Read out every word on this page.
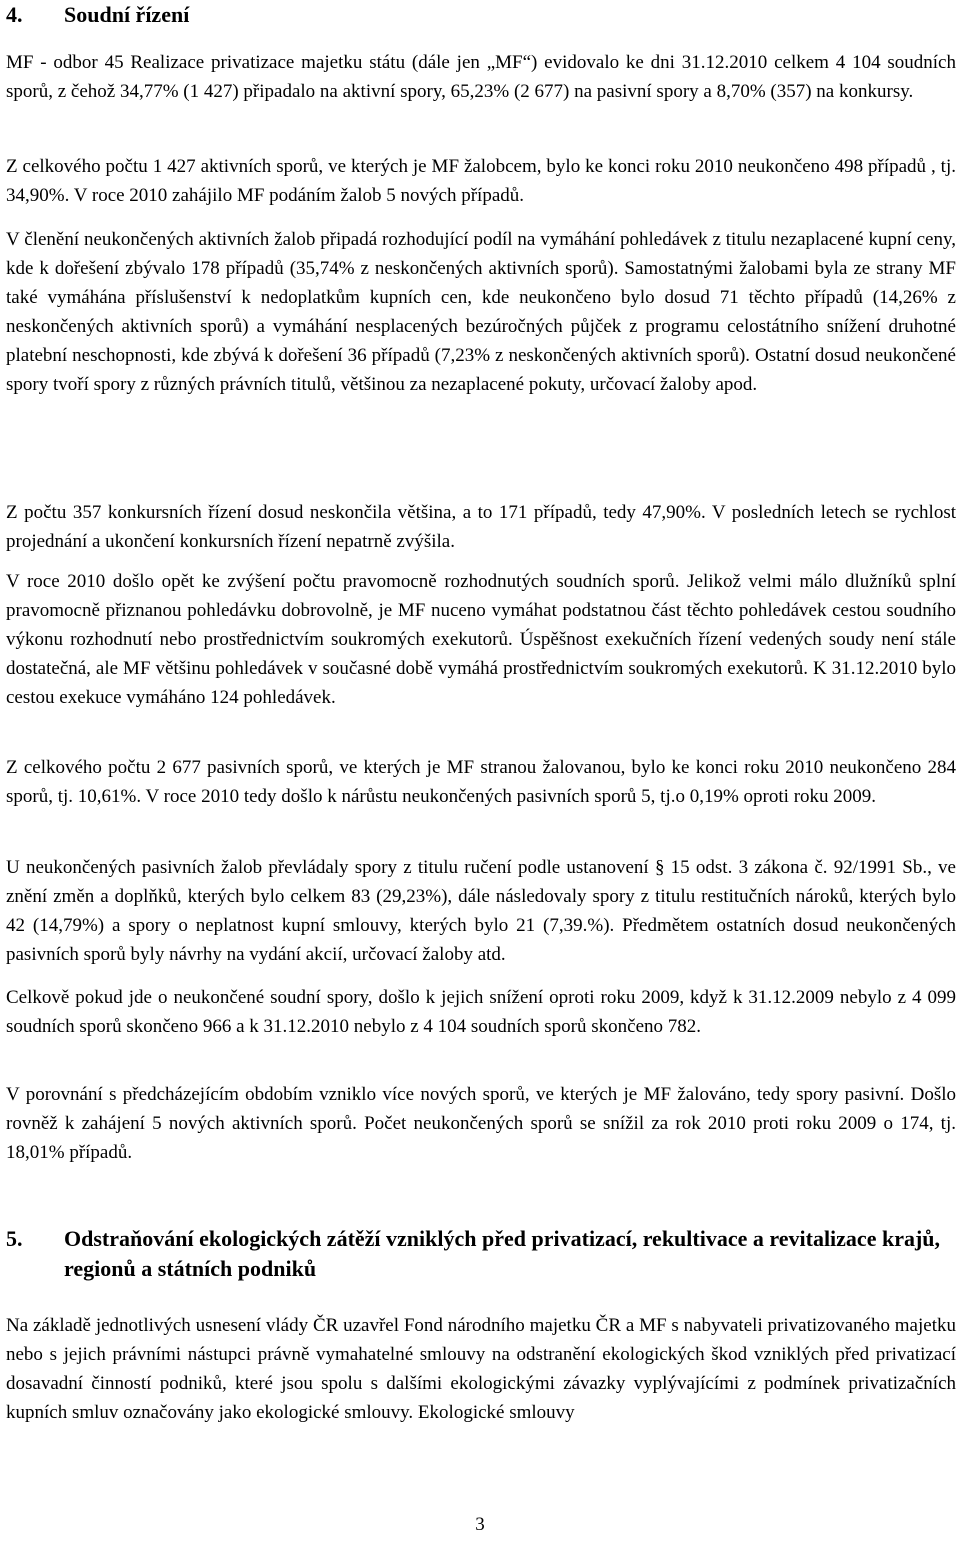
4.	Soudní řízení

MF - odbor 45 Realizace privatizace majetku státu (dále jen „MF“) evidovalo ke dni 31.12.2010 celkem 4 104 soudních sporů, z čehož 34,77% (1 427) připadalo na aktivní spory, 65,23% (2 677) na pasivní spory a 8,70% (357) na konkursy.

Z celkového počtu 1 427 aktivních sporů, ve kterých je MF žalobcem, bylo ke konci roku 2010 neukončeno 498 případů , tj. 34,90%. V roce 2010 zahájilo MF podáním žalob 5 nových případů.

V členění neukončených aktivních žalob připadá rozhodující podíl na vymáhání pohledávek z titulu nezaplacené kupní ceny, kde k dořešení zbývalo 178 případů (35,74% z neskončených aktivních sporů). Samostatnými žalobami byla ze strany MF také vymáhána příslušenství k nedoplatkům kupních cen, kde neukončeno bylo dosud 71 těchto případů (14,26% z neskončených aktivních sporů) a vymáhání nesplacených bezúročných půjček z programu celostátního snížení druhotné platební neschopnosti, kde zbývá k dořešení 36 případů (7,23% z neskončených aktivních sporů). Ostatní dosud neukončené spory tvoří spory z různých právních titulů, většinou za nezaplacené pokuty, určovací žaloby apod.

Z počtu 357 konkursních řízení dosud neskončila většina, a to 171 případů, tedy 47,90%. V posledních letech se rychlost projednání a ukončení konkursních řízení nepatrně zvýšila.

V roce 2010 došlo opět ke zvýšení počtu pravomocně rozhodnutých soudních sporů. Jelikož velmi málo dlužníků splní pravomocně přiznanou pohledávku dobrovolně, je MF nuceno vymáhat podstatnou část těchto pohledávek cestou soudního výkonu rozhodnutí nebo prostřednictvím soukromých exekutorů. Úspěšnost exekučních řízení vedených soudy není stále dostatečná, ale MF většinu pohledávek v současné době vymáhá prostřednictvím soukromých exekutorů. K 31.12.2010 bylo cestou exekuce vymáháno 124 pohledávek.

Z celkového počtu 2 677 pasivních sporů, ve kterých je MF stranou žalovanou, bylo ke konci roku 2010 neukončeno 284 sporů, tj. 10,61%. V roce 2010 tedy došlo k nárůstu neukončených pasivních sporů 5, tj.o 0,19% oproti roku 2009.

U neukončených pasivních žalob převládaly spory z titulu ručení podle ustanovení § 15 odst. 3 zákona č. 92/1991 Sb., ve znění změn a doplňků, kterých bylo celkem 83 (29,23%), dále následovaly spory z titulu restitučních nároků, kterých bylo 42 (14,79%) a spory o neplatnost kupní smlouvy, kterých bylo 21 (7,39.%). Předmětem ostatních dosud neukončených pasivních sporů byly návrhy na vydání akcií, určovací žaloby atd.

Celkově pokud jde o neukončené soudní spory, došlo k jejich snížení oproti roku 2009, když k 31.12.2009 nebylo z 4 099 soudních sporů skončeno 966 a k 31.12.2010 nebylo z 4 104 soudních sporů skončeno 782.

V porovnání s předcházejícím obdobím vzniklo více nových sporů, ve kterých je MF žalováno, tedy spory pasivní. Došlo rovněž k zahájení 5 nových aktivních sporů. Počet neukončených sporů se snížil za rok 2010 proti roku 2009 o 174, tj. 18,01% případů.

5.	Odstraňování ekologických zátěží vzniklých před privatizací, rekultivace a revitalizace krajů, regionů a státních podniků

Na základě jednotlivých usnesení vlády ČR uzavřel Fond národního majetku ČR a MF s nabyvateli privatizovaného majetku nebo s jejich právními nástupci právně vymahatelné smlouvy na odstranění ekologických škod vzniklých před privatizací dosavadní činností podniků, které jsou spolu s dalšími ekologickými závazky vyplývajícími z podmínek privatizačních kupních smluv označovány jako ekologické smlouvy. Ekologické smlouvy

3
